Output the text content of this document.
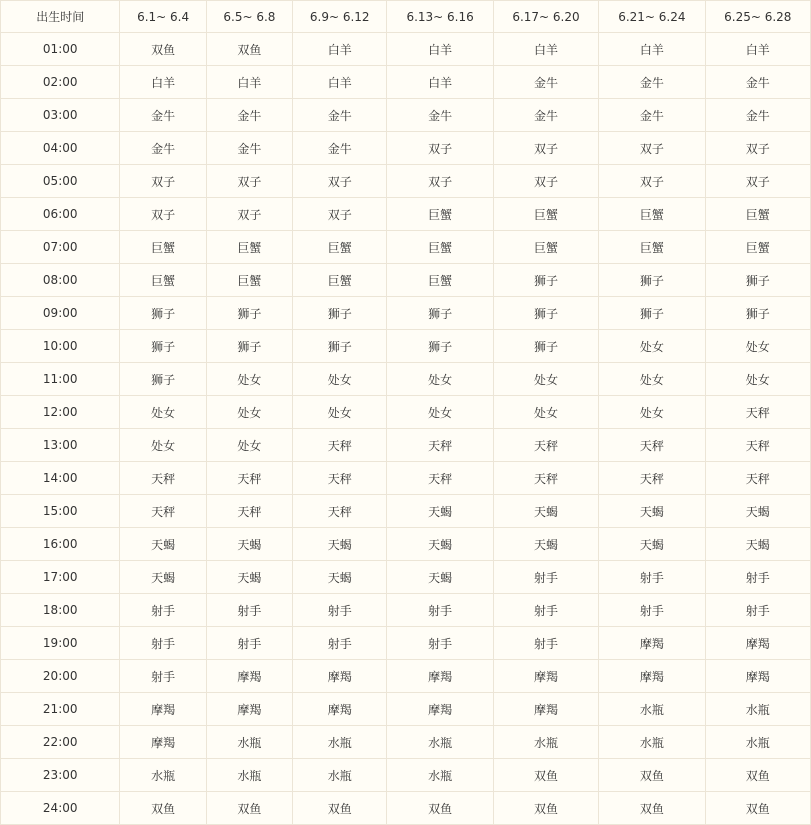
出生时间	6.1~ 6.4	6.5~ 6.8	6.9~ 6.12	6.13~ 6.16	6.17~ 6.20	6.21~ 6.24	6.25~ 6.28
01:00	双鱼	双鱼	白羊	白羊	白羊	白羊	白羊
02:00	白羊	白羊	白羊	白羊	金牛	金牛	金牛
03:00	金牛	金牛	金牛	金牛	金牛	金牛	金牛
04:00	金牛	金牛	金牛	双子	双子	双子	双子
05:00	双子	双子	双子	双子	双子	双子	双子
06:00	双子	双子	双子	巨蟹	巨蟹	巨蟹	巨蟹
07:00	巨蟹	巨蟹	巨蟹	巨蟹	巨蟹	巨蟹	巨蟹
08:00	巨蟹	巨蟹	巨蟹	巨蟹	狮子	狮子	狮子
09:00	狮子	狮子	狮子	狮子	狮子	狮子	狮子
10:00	狮子	狮子	狮子	狮子	狮子	处女	处女
11:00	狮子	处女	处女	处女	处女	处女	处女
12:00	处女	处女	处女	处女	处女	处女	天秤
13:00	处女	处女	天秤	天秤	天秤	天秤	天秤
14:00	天秤	天秤	天秤	天秤	天秤	天秤	天秤
15:00	天秤	天秤	天秤	天蝎	天蝎	天蝎	天蝎
16:00	天蝎	天蝎	天蝎	天蝎	天蝎	天蝎	天蝎
17:00	天蝎	天蝎	天蝎	天蝎	射手	射手	射手
18:00	射手	射手	射手	射手	射手	射手	射手
19:00	射手	射手	射手	射手	射手	摩羯	摩羯
20:00	射手	摩羯	摩羯	摩羯	摩羯	摩羯	摩羯
21:00	摩羯	摩羯	摩羯	摩羯	摩羯	水瓶	水瓶
22:00	摩羯	水瓶	水瓶	水瓶	水瓶	水瓶	水瓶
23:00	水瓶	水瓶	水瓶	水瓶	双鱼	双鱼	双鱼
24:00	双鱼	双鱼	双鱼	双鱼	双鱼	双鱼	双鱼
